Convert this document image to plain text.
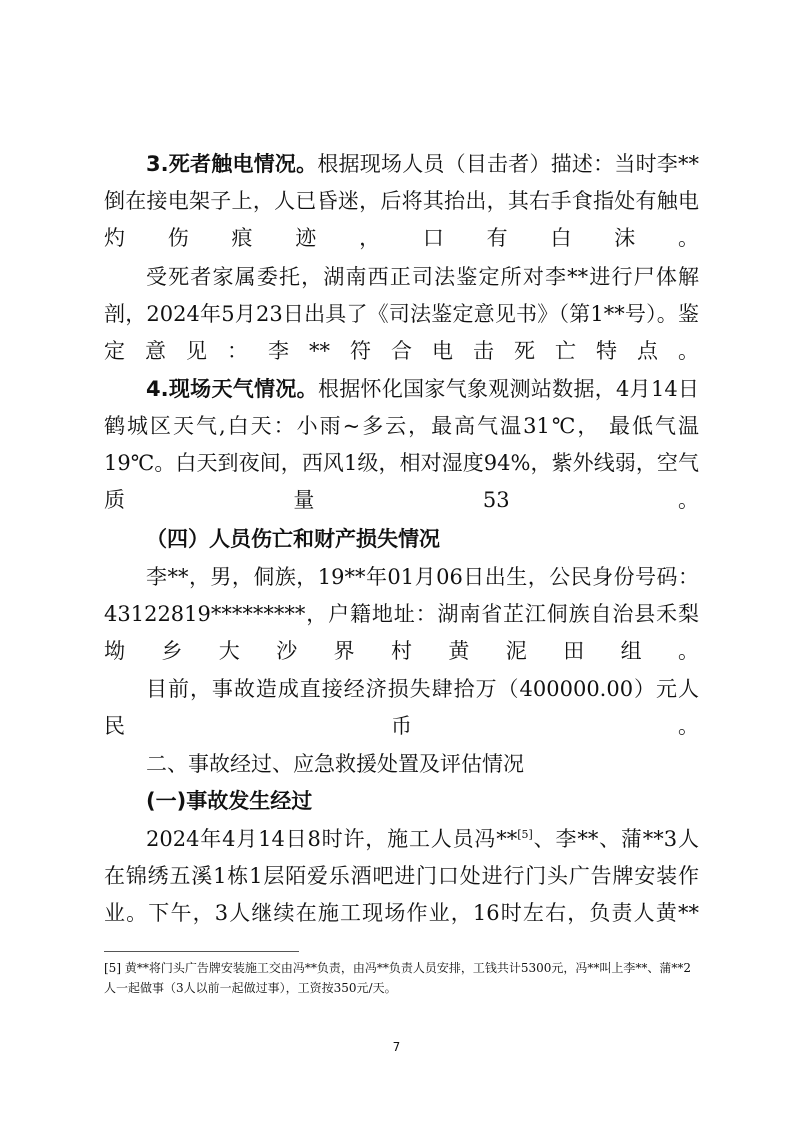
3.死者触电情况。根据现场人员（目击者）描述：当时李**倒在接电架子上，人已昏迷，后将其抬出，其右手食指处有触电灼伤痕迹，口有白沫。

受死者家属委托，湖南西正司法鉴定所对李**进行尸体解剖，2024年5月23日出具了《司法鉴定意见书》（第1**号）。鉴定意见：李**符合电击死亡特点。

4.现场天气情况。根据怀化国家气象观测站数据，4月14日鹤城区天气,白天：小雨~多云，最高气温31℃， 最低气温19℃。白天到夜间，西风1级，相对湿度94%，紫外线弱，空气质量53。

（四）人员伤亡和财产损失情况

李**，男，侗族，19**年01月06日出生，公民身份号码：43122819*********，户籍地址：湖南省芷江侗族自治县禾梨坳乡大沙界村黄泥田组。

目前，事故造成直接经济损失肆拾万（400000.00）元人民币。

二、事故经过、应急救援处置及评估情况

(一)事故发生经过

2024年4月14日8时许，施工人员冯**[5]、李**、蒲**3人在锦绣五溪1栋1层陌爱乐酒吧进门口处进行门头广告牌安装作业。下午，3人继续在施工现场作业，16时左右，负责人黄**

[5] 黄**将门头广告牌安装施工交由冯**负责，由冯**负责人员安排，工钱共计5300元，冯**叫上李**、蒲**2人一起做事（3人以前一起做过事），工资按350元/天。

7
